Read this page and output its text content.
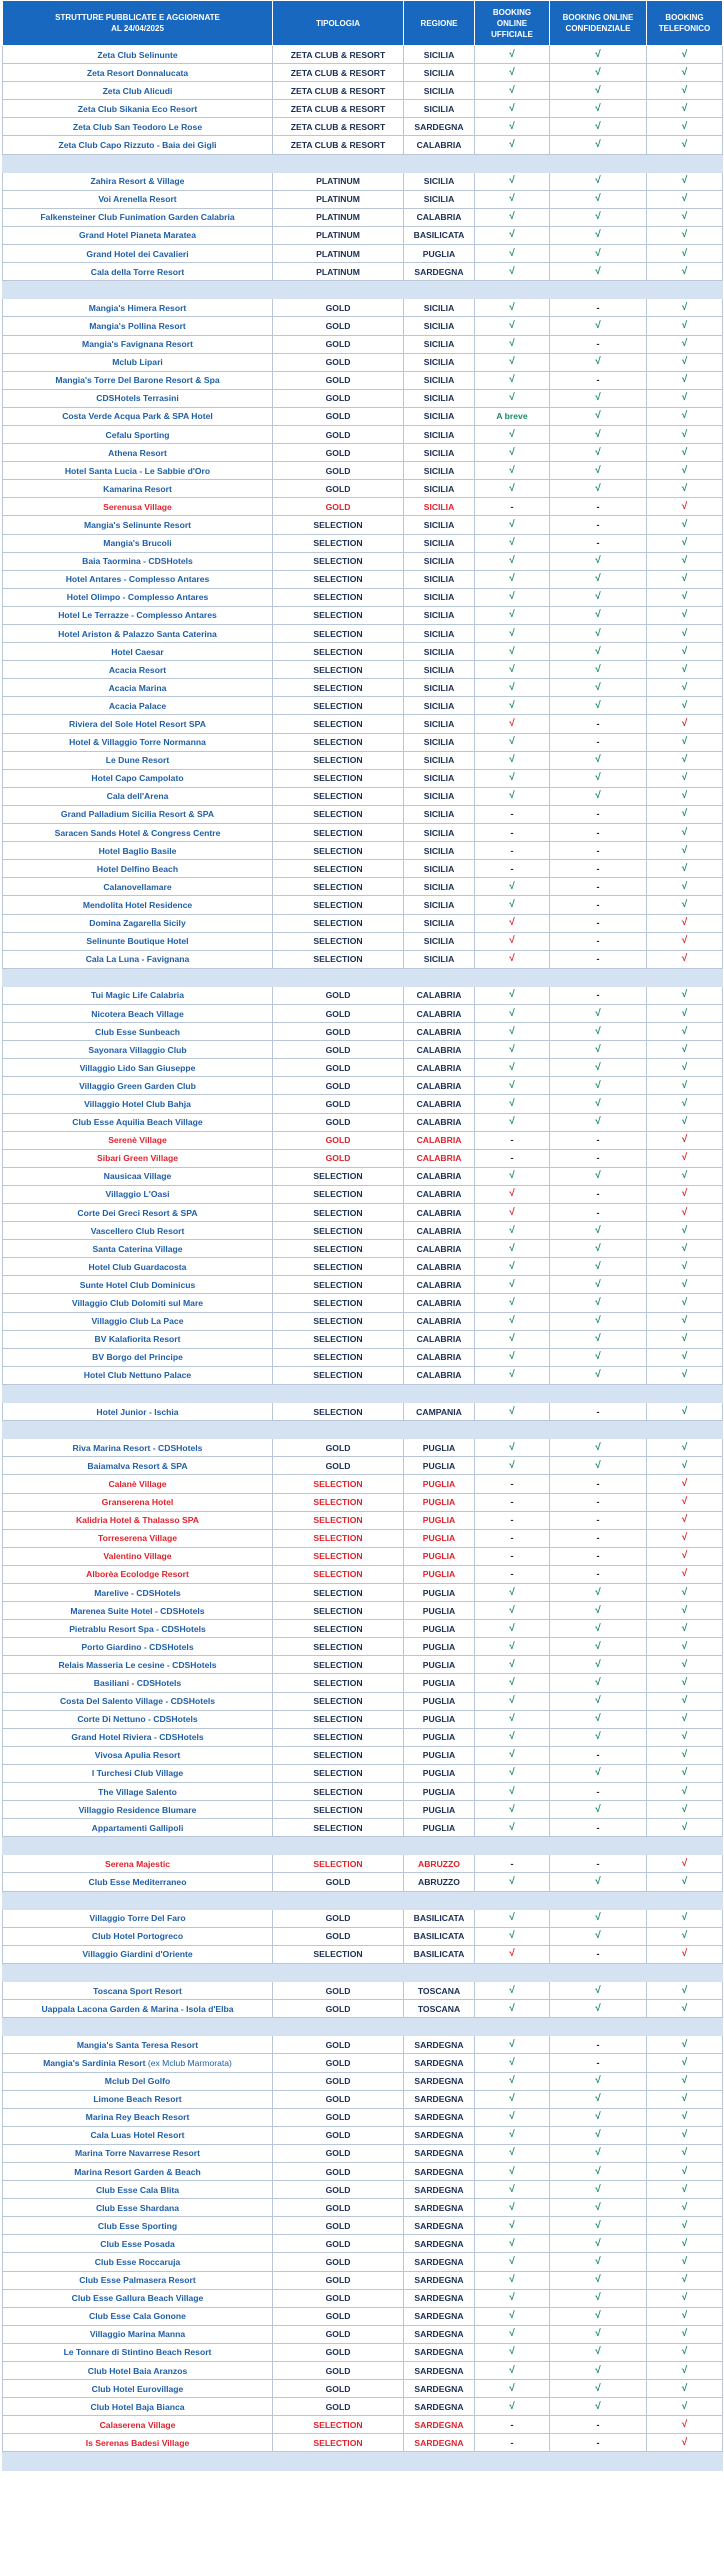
STRUTTURE PUBBLICATE E AGGIORNATE
AL 24/04/2025	TIPOLOGIA	REGIONE	BOOKING ONLINE UFFICIALE	BOOKING ONLINE CONFIDENZIALE	BOOKING TELEFONICO
Zeta Club Selinunte	ZETA CLUB & RESORT	SICILIA	√	√	√
Zeta Resort Donnalucata	ZETA CLUB & RESORT	SICILIA	√	√	√
Zeta Club Alicudi	ZETA CLUB & RESORT	SICILIA	√	√	√
Zeta Club Sikania Eco Resort	ZETA CLUB & RESORT	SICILIA	√	√	√
Zeta Club San Teodoro Le Rose	ZETA CLUB & RESORT	SARDEGNA	√	√	√
Zeta Club Capo Rizzuto - Baia dei Gigli	ZETA CLUB & RESORT	CALABRIA	√	√	√

Zahira Resort & Village	PLATINUM	SICILIA	√	√	√
Voi Arenella Resort	PLATINUM	SICILIA	√	√	√
Falkensteiner Club Funimation Garden Calabria	PLATINUM	CALABRIA	√	√	√
Grand Hotel Pianeta Maratea	PLATINUM	BASILICATA	√	√	√
Grand Hotel dei Cavalieri	PLATINUM	PUGLIA	√	√	√
Cala della Torre Resort	PLATINUM	SARDEGNA	√	√	√

Mangia's Himera Resort	GOLD	SICILIA	√	-	√
Mangia's Pollina Resort	GOLD	SICILIA	√	√	√
Mangia's Favignana Resort	GOLD	SICILIA	√	-	√
Mclub Lipari	GOLD	SICILIA	√	√	√
Mangia's Torre Del Barone Resort & Spa	GOLD	SICILIA	√	-	√
CDSHotels Terrasini	GOLD	SICILIA	√	√	√
Costa Verde Acqua Park & SPA Hotel	GOLD	SICILIA	A breve	√	√
Cefalu Sporting	GOLD	SICILIA	√	√	√
Athena Resort	GOLD	SICILIA	√	√	√
Hotel Santa Lucia - Le Sabbie d'Oro	GOLD	SICILIA	√	√	√
Kamarina Resort	GOLD	SICILIA	√	√	√
Serenusa Village	GOLD	SICILIA	-	-	√
Mangia's Selinunte Resort	SELECTION	SICILIA	√	-	√
Mangia's Brucoli	SELECTION	SICILIA	√	-	√
Baia Taormina - CDSHotels	SELECTION	SICILIA	√	√	√
Hotel Antares - Complesso Antares	SELECTION	SICILIA	√	√	√
Hotel Olimpo - Complesso Antares	SELECTION	SICILIA	√	√	√
Hotel Le Terrazze - Complesso Antares	SELECTION	SICILIA	√	√	√
Hotel Ariston & Palazzo Santa Caterina	SELECTION	SICILIA	√	√	√
Hotel Caesar	SELECTION	SICILIA	√	√	√
Acacia Resort	SELECTION	SICILIA	√	√	√
Acacia Marina	SELECTION	SICILIA	√	√	√
Acacia Palace	SELECTION	SICILIA	√	√	√
Riviera del Sole Hotel Resort SPA	SELECTION	SICILIA	√	-	√
Hotel & Villaggio Torre Normanna	SELECTION	SICILIA	√	-	√
Le Dune Resort	SELECTION	SICILIA	√	√	√
Hotel Capo Campolato	SELECTION	SICILIA	√	√	√
Cala dell'Arena	SELECTION	SICILIA	√	√	√
Grand Palladium Sicilia Resort & SPA	SELECTION	SICILIA	-	-	√
Saracen Sands Hotel & Congress Centre	SELECTION	SICILIA	-	-	√
Hotel Baglio Basile	SELECTION	SICILIA	-	-	√
Hotel Delfino Beach	SELECTION	SICILIA	-	-	√
Calanovellamare	SELECTION	SICILIA	√	-	√
Mendolita Hotel Residence	SELECTION	SICILIA	√	-	√
Domina Zagarella Sicily	SELECTION	SICILIA	√	-	√
Selinunte Boutique Hotel	SELECTION	SICILIA	√	-	√
Cala La Luna - Favignana	SELECTION	SICILIA	√	-	√

Tui Magic Life Calabria	GOLD	CALABRIA	√	-	√
Nicotera Beach Village	GOLD	CALABRIA	√	√	√
Club Esse Sunbeach	GOLD	CALABRIA	√	√	√
Sayonara Villaggio Club	GOLD	CALABRIA	√	√	√
Villaggio Lido San Giuseppe	GOLD	CALABRIA	√	√	√
Villaggio Green Garden Club	GOLD	CALABRIA	√	√	√
Villaggio Hotel Club Bahja	GOLD	CALABRIA	√	√	√
Club Esse Aquilia Beach Village	GOLD	CALABRIA	√	√	√
Serenè Village	GOLD	CALABRIA	-	-	√
Sibari Green Village	GOLD	CALABRIA	-	-	√
Nausicaa Village	SELECTION	CALABRIA	√	√	√
Villaggio L'Oasi	SELECTION	CALABRIA	√	-	√
Corte Dei Greci Resort & SPA	SELECTION	CALABRIA	√	-	√
Vascellero Club Resort	SELECTION	CALABRIA	√	√	√
Santa Caterina Village	SELECTION	CALABRIA	√	√	√
Hotel Club Guardacosta	SELECTION	CALABRIA	√	√	√
Sunte Hotel Club Dominicus	SELECTION	CALABRIA	√	√	√
Villaggio Club Dolomiti sul Mare	SELECTION	CALABRIA	√	√	√
Villaggio Club La Pace	SELECTION	CALABRIA	√	√	√
BV Kalafiorita Resort	SELECTION	CALABRIA	√	√	√
BV Borgo del Principe	SELECTION	CALABRIA	√	√	√
Hotel Club Nettuno Palace	SELECTION	CALABRIA	√	√	√

Hotel Junior - Ischia	SELECTION	CAMPANIA	√	-	√

Riva Marina Resort - CDSHotels	GOLD	PUGLIA	√	√	√
Baiamalva Resort & SPA	GOLD	PUGLIA	√	√	√
Calanè Village	SELECTION	PUGLIA	-	-	√
Granserena Hotel	SELECTION	PUGLIA	-	-	√
Kalidria Hotel & Thalasso SPA	SELECTION	PUGLIA	-	-	√
Torreserena Village	SELECTION	PUGLIA	-	-	√
Valentino Village	SELECTION	PUGLIA	-	-	√
Alborèa Ecolodge Resort	SELECTION	PUGLIA	-	-	√
Marelive - CDSHotels	SELECTION	PUGLIA	√	√	√
Marenea Suite Hotel - CDSHotels	SELECTION	PUGLIA	√	√	√
Pietrablu Resort Spa - CDSHotels	SELECTION	PUGLIA	√	√	√
Porto Giardino - CDSHotels	SELECTION	PUGLIA	√	√	√
Relais Masseria Le cesine - CDSHotels	SELECTION	PUGLIA	√	√	√
Basiliani - CDSHotels	SELECTION	PUGLIA	√	√	√
Costa Del Salento Village - CDSHotels	SELECTION	PUGLIA	√	√	√
Corte Di Nettuno - CDSHotels	SELECTION	PUGLIA	√	√	√
Grand Hotel Riviera - CDSHotels	SELECTION	PUGLIA	√	√	√
Vivosa Apulia Resort	SELECTION	PUGLIA	√	-	√
I Turchesi Club Village	SELECTION	PUGLIA	√	√	√
The Village Salento	SELECTION	PUGLIA	√	-	√
Villaggio Residence Blumare	SELECTION	PUGLIA	√	√	√
Appartamenti Gallipoli	SELECTION	PUGLIA	√	-	√

Serena Majestic	SELECTION	ABRUZZO	-	-	√
Club Esse Mediterraneo	GOLD	ABRUZZO	√	√	√

Villaggio Torre Del Faro	GOLD	BASILICATA	√	√	√
Club Hotel Portogreco	GOLD	BASILICATA	√	√	√
Villaggio Giardini d'Oriente	SELECTION	BASILICATA	√	-	√

Toscana Sport Resort	GOLD	TOSCANA	√	√	√
Uappala Lacona Garden & Marina - Isola d'Elba	GOLD	TOSCANA	√	√	√

Mangia's Santa Teresa Resort	GOLD	SARDEGNA	√	-	√
Mangia's Sardinia Resort (ex Mclub Marmorata)	GOLD	SARDEGNA	√	-	√
Mclub Del Golfo	GOLD	SARDEGNA	√	√	√
Limone Beach Resort	GOLD	SARDEGNA	√	√	√
Marina Rey Beach Resort	GOLD	SARDEGNA	√	√	√
Cala Luas Hotel Resort	GOLD	SARDEGNA	√	√	√
Marina Torre Navarrese Resort	GOLD	SARDEGNA	√	√	√
Marina Resort Garden & Beach	GOLD	SARDEGNA	√	√	√
Club Esse Cala Blita	GOLD	SARDEGNA	√	√	√
Club Esse Shardana	GOLD	SARDEGNA	√	√	√
Club Esse Sporting	GOLD	SARDEGNA	√	√	√
Club Esse Posada	GOLD	SARDEGNA	√	√	√
Club Esse Roccaruja	GOLD	SARDEGNA	√	√	√
Club Esse Palmasera Resort	GOLD	SARDEGNA	√	√	√
Club Esse Gallura Beach Village	GOLD	SARDEGNA	√	√	√
Club Esse Cala Gonone	GOLD	SARDEGNA	√	√	√
Villaggio Marina Manna	GOLD	SARDEGNA	√	√	√
Le Tonnare di Stintino Beach Resort	GOLD	SARDEGNA	√	√	√
Club Hotel Baia Aranzos	GOLD	SARDEGNA	√	√	√
Club Hotel Eurovillage	GOLD	SARDEGNA	√	√	√
Club Hotel Baja Bianca	GOLD	SARDEGNA	√	√	√
Calaserena Village	SELECTION	SARDEGNA	-	-	√
Is Serenas Badesi Village	SELECTION	SARDEGNA	-	-	√
